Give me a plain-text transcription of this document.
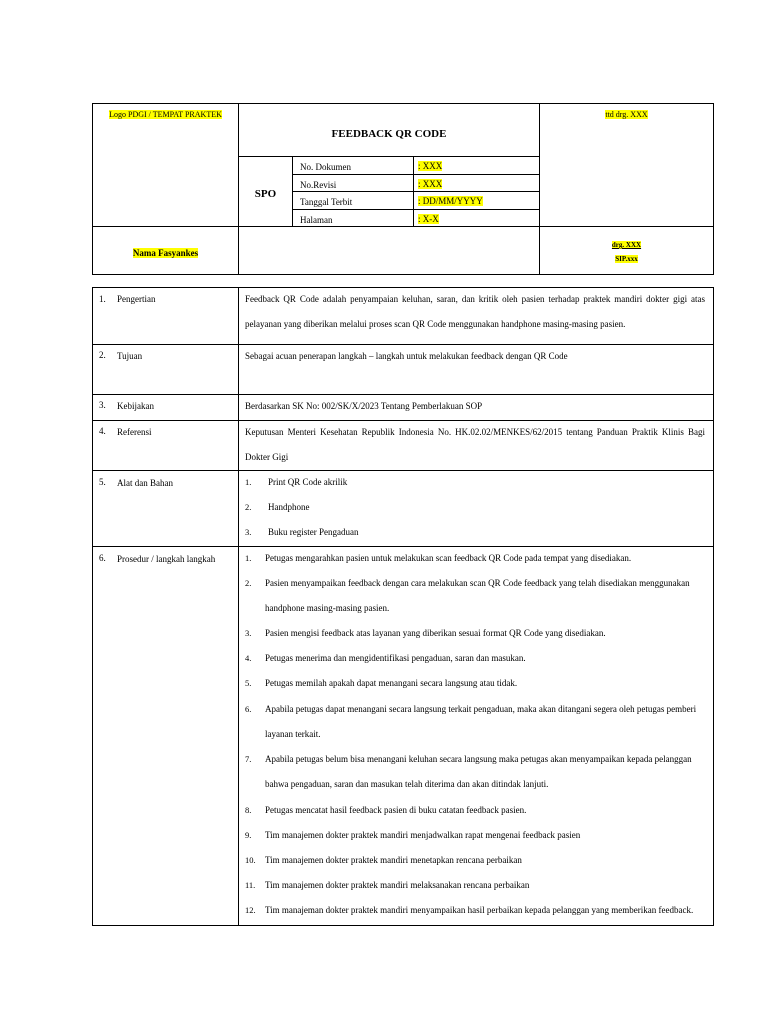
Logo PDGI / TEMPAT PRAKTEK
FEEDBACK QR CODE
ttd drg. XXX
SPO
No. Dokumen	: XXX
No.Revisi	: XXX
Tanggal Terbit	: DD/MM/YYYY
Halaman	: X-X
Nama Fasyankes
drg. XXX
SIP.xxx
1. Pengertian	Feedback QR Code adalah penyampaian keluhan, saran, dan kritik oleh pasien terhadap praktek mandiri dokter gigi atas pelayanan yang diberikan melalui proses scan QR Code menggunakan handphone masing-masing pasien.
2. Tujuan	Sebagai acuan penerapan langkah – langkah untuk melakukan feedback dengan QR Code
3. Kebijakan	Berdasarkan SK No: 002/SK/X/2023 Tentang Pemberlakuan SOP
4. Referensi	Keputusan Menteri Kesehatan Republik Indonesia No. HK.02.02/MENKES/62/2015 tentang Panduan Praktik Klinis Bagi Dokter Gigi
5. Alat dan Bahan	1. Print QR Code akrilik
2. Handphone
3. Buku register Pengaduan
6. Prosedur / langkah langkah	1. Petugas mengarahkan pasien untuk melakukan scan feedback QR Code pada tempat yang disediakan.
2. Pasien menyampaikan feedback dengan cara melakukan scan QR Code feedback yang telah disediakan menggunakan
handphone masing-masing pasien.
3. Pasien mengisi feedback atas layanan yang diberikan sesuai format QR Code yang disediakan.
4. Petugas menerima dan mengidentifikasi pengaduan, saran dan masukan.
5. Petugas memilah apakah dapat menangani secara langsung atau tidak.
6. Apabila petugas dapat menangani secara langsung terkait pengaduan, maka akan ditangani segera oleh petugas pemberi
layanan terkait.
7. Apabila petugas belum bisa menangani keluhan secara langsung maka petugas akan menyampaikan kepada pelanggan
bahwa pengaduan, saran dan masukan telah diterima dan akan ditindak lanjuti.
8. Petugas mencatat hasil feedback pasien di buku catatan feedback pasien.
9. Tim manajemen dokter praktek mandiri menjadwalkan rapat mengenai feedback pasien
10. Tim manajemen dokter praktek mandiri menetapkan rencana perbaikan
11. Tim manajemen dokter praktek mandiri melaksanakan rencana perbaikan
12. Tim manajeman dokter praktek mandiri menyampaikan hasil perbaikan kepada pelanggan yang memberikan feedback.
